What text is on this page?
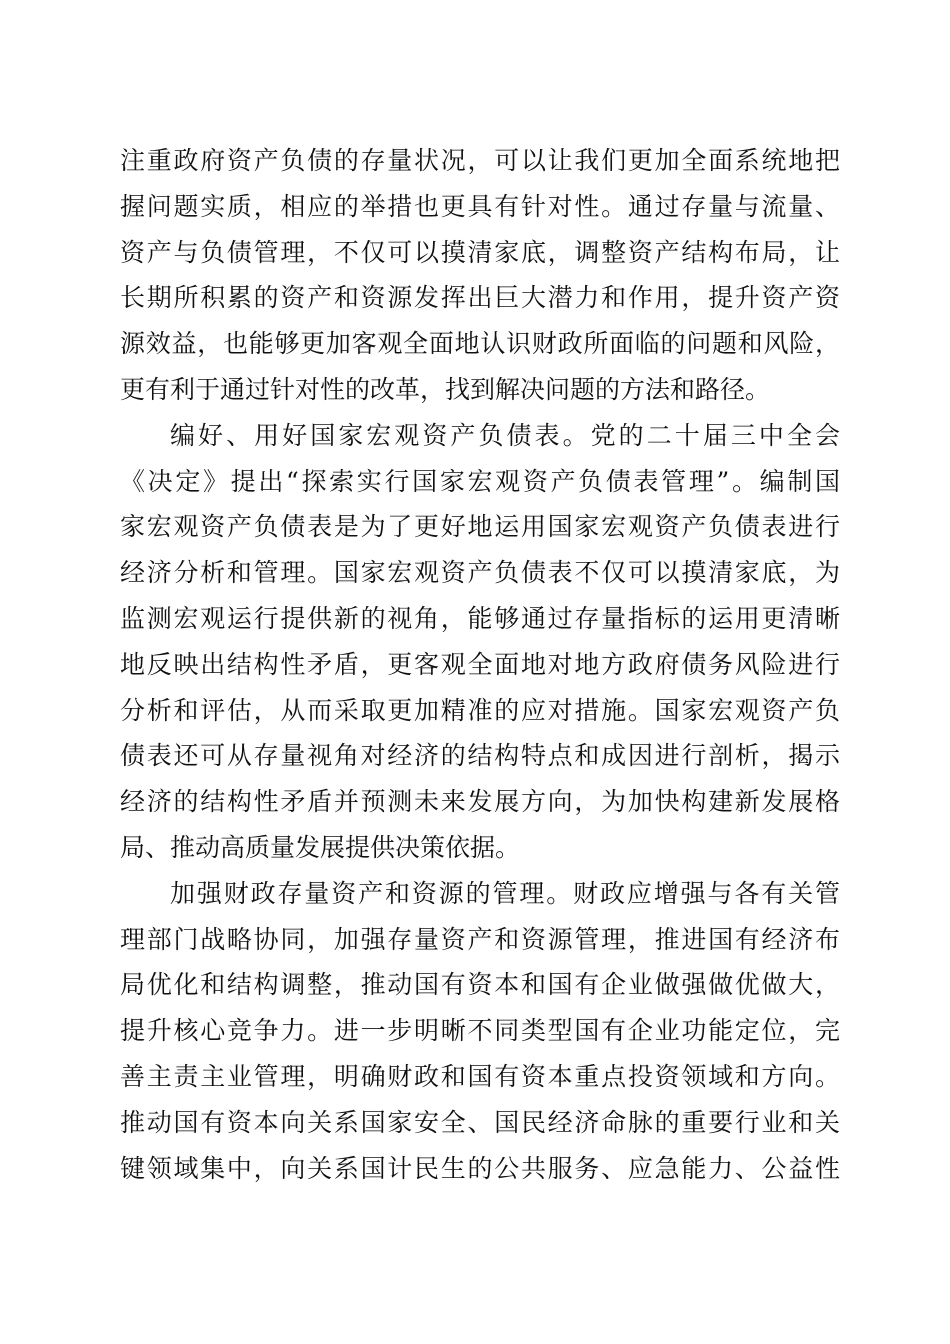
注重政府资产负债的存量状况，可以让我们更加全面系统地把
握问题实质，相应的举措也更具有针对性。通过存量与流量、
资产与负债管理，不仅可以摸清家底，调整资产结构布局，让
长期所积累的资产和资源发挥出巨大潜力和作用，提升资产资
源效益，也能够更加客观全面地认识财政所面临的问题和风险，
更有利于通过针对性的改革，找到解决问题的方法和路径。
编好、用好国家宏观资产负债表。党的二十届三中全会
《决定》提出“探索实行国家宏观资产负债表管理”。编制国
家宏观资产负债表是为了更好地运用国家宏观资产负债表进行
经济分析和管理。国家宏观资产负债表不仅可以摸清家底，为
监测宏观运行提供新的视角，能够通过存量指标的运用更清晰
地反映出结构性矛盾，更客观全面地对地方政府债务风险进行
分析和评估，从而采取更加精准的应对措施。国家宏观资产负
债表还可从存量视角对经济的结构特点和成因进行剖析，揭示
经济的结构性矛盾并预测未来发展方向，为加快构建新发展格
局、推动高质量发展提供决策依据。
加强财政存量资产和资源的管理。财政应增强与各有关管
理部门战略协同，加强存量资产和资源管理，推进国有经济布
局优化和结构调整，推动国有资本和国有企业做强做优做大，
提升核心竞争力。进一步明晰不同类型国有企业功能定位，完
善主责主业管理，明确财政和国有资本重点投资领域和方向。
推动国有资本向关系国家安全、国民经济命脉的重要行业和关
键领域集中，向关系国计民生的公共服务、应急能力、公益性
